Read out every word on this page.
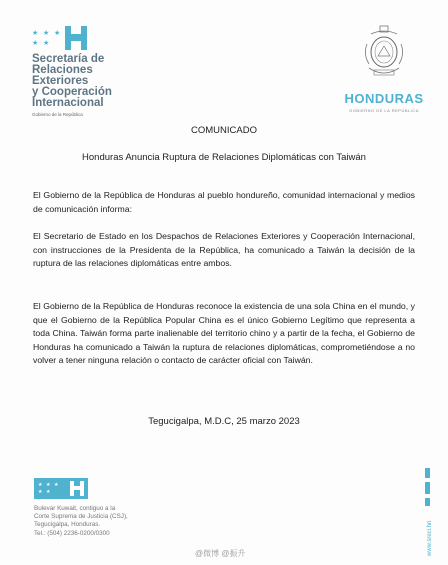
★ ★ ★
★ ★
Secretaría de
Relaciones
Exteriores
y Cooperación
Internacional
Gobierno de la República
HONDURAS
GOBIERNO DE LA REPÚBLICA
COMUNICADO
Honduras Anuncia Ruptura de Relaciones Diplomáticas con Taiwán
El Gobierno de la República de Honduras al pueblo hondureño, comunidad internacional y medios de comunicación informa:
El Secretario de Estado en los Despachos de Relaciones Exteriores y Cooperación Internacional, con instrucciones de la Presidenta de la República, ha comunicado a Taiwán la decisión de la ruptura de las relaciones diplomáticas entre ambos.
El Gobierno de la República de Honduras reconoce la existencia de una sola China en el mundo, y que el Gobierno de la República Popular China es el único Gobierno Legítimo que representa a toda China. Taiwán forma parte inalienable del territorio chino y a partir de la fecha, el Gobierno de Honduras ha comunicado a Taiwán la ruptura de relaciones diplomáticas, comprometiéndose a no volver a tener ninguna relación o contacto de carácter oficial con Taiwán.
Tegucigalpa, M.D.C, 25 marzo 2023
★ ★ ★
★ ★
Bulevar Kuwait, contiguo a la
Corte Suprema de Justicia (CSJ),
Tegucigalpa, Honduras.
Tel.: (504) 2236-0200/0300	www.sreci.hn
@微博 @振升
